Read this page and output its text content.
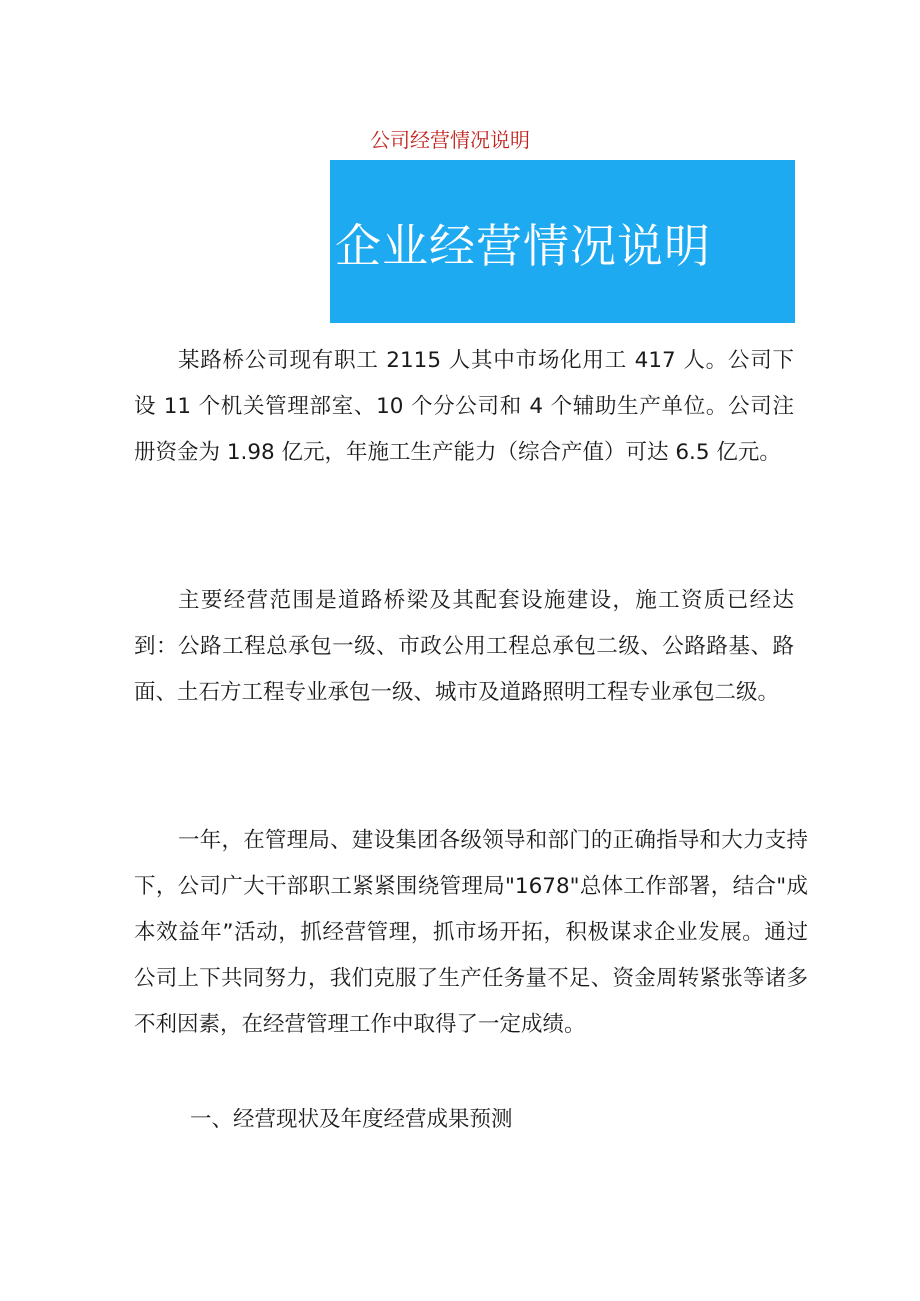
公司经营情况说明
企业经营情况说明

某路桥公司现有职工 2115 人其中市场化用工 417 人。公司下设 11 个机关管理部室、10 个分公司和 4 个辅助生产单位。公司注册资金为 1.98 亿元，年施工生产能力（综合产值）可达 6.5 亿元。

主要经营范围是道路桥梁及其配套设施建设，施工资质已经达到：公路工程总承包一级、市政公用工程总承包二级、公路路基、路面、土石方工程专业承包一级、城市及道路照明工程专业承包二级。

一年，在管理局、建设集团各级领导和部门的正确指导和大力支持下，公司广大干部职工紧紧围绕管理局"1678"总体工作部署，结合"成本效益年”活动，抓经营管理，抓市场开拓，积极谋求企业发展。通过公司上下共同努力，我们克服了生产任务量不足、资金周转紧张等诸多不利因素，在经营管理工作中取得了一定成绩。

一、经营现状及年度经营成果预测
